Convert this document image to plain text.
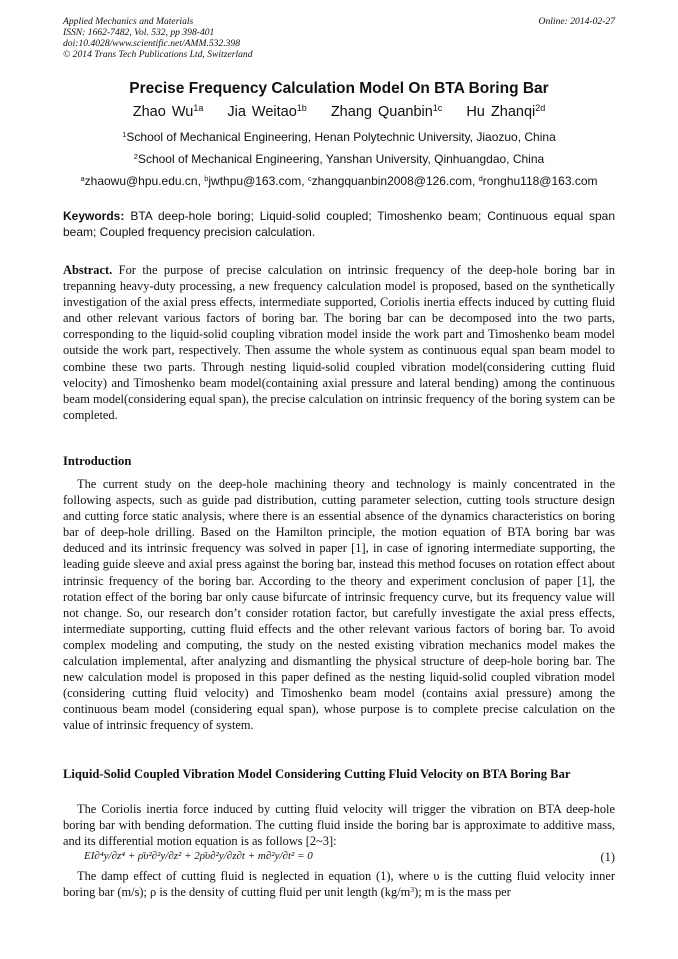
Applied Mechanics and Materials
ISSN: 1662-7482, Vol. 532, pp 398-401
doi:10.4028/www.scientific.net/AMM.532.398
© 2014 Trans Tech Publications Ltd, Switzerland
Online: 2014-02-27
Precise Frequency Calculation Model On BTA Boring Bar
Zhao $Wu^{1a}$ Jia Weitao$^{1b}$ Zhang Quanbin$^{1c}$ Hu Zhanqi$^{2d}$
$^1$School of Mechanical Engineering, Henan Polytechnic University, Jiaozuo, China
$^2$School of Mechanical Engineering, Yanshan University, Qinhuangdao, China
$^a$zhaowu@hpu.edu.cn, $^b$jwthpu@163.com, $^c$zhangquanbin2008@126.com, $^d$ronghu118@163.com
Keywords: BTA deep-hole boring; Liquid-solid coupled; Timoshenko beam; Continuous equal span beam; Coupled frequency precision calculation.
Abstract. For the purpose of precise calculation on intrinsic frequency of the deep-hole boring bar in trepanning heavy-duty processing, a new frequency calculation model is proposed, based on the synthetically investigation of the axial press effects, intermediate supported, Coriolis inertia effects induced by cutting fluid and other relevant various factors of boring bar. The boring bar can be decomposed into the two parts, corresponding to the liquid-solid coupling vibration model inside the work part and Timoshenko beam model outside the work part, respectively. Then assume the whole system as continuous equal span beam model to combine these two parts. Through nesting liquid-solid coupled vibration model(considering cutting fluid velocity) and Timoshenko beam model(containing axial pressure and lateral bending) among the continuous beam model(considering equal span), the precise calculation on intrinsic frequency of the boring system can be completed.
Introduction
The current study on the deep-hole machining theory and technology is mainly concentrated in the following aspects, such as guide pad distribution, cutting parameter selection, cutting tools structure design and cutting force static analysis, where there is an essential absence of the dynamics characteristics on boring bar of deep-hole drilling. Based on the Hamilton principle, the motion equation of BTA boring bar was deduced and its intrinsic frequency was solved in paper [1], in case of ignoring intermediate supporting, the leading guide sleeve and axial press against the boring bar, instead this method focuses on rotation effect about intrinsic frequency of the boring bar. According to the theory and experiment conclusion of paper [1], the rotation effect of the boring bar only cause bifurcate of intrinsic frequency curve, but its frequency value will not change. So, our research don’t consider rotation factor, but carefully investigate the axial press effects, intermediate supporting, cutting fluid effects and the other relevant various factors of boring bar. To avoid complex modeling and computing, the study on the nested existing vibration mechanics model makes the calculation implemental, after analyzing and dismantling the physical structure of deep-hole boring bar. The new calculation model is proposed in this paper defined as the nesting liquid-solid coupled vibration model (considering cutting fluid velocity) and Timoshenko beam model (contains axial pressure) among the continuous beam model (considering equal span), whose purpose is to complete precise calculation on the value of intrinsic frequency of system.
Liquid-Solid Coupled Vibration Model Considering Cutting Fluid Velocity on BTA Boring Bar
The Coriolis inertia force induced by cutting fluid velocity will trigger the vibration on BTA deep-hole boring bar with bending deformation. The cutting fluid inside the boring bar is approximate to additive mass, and its differential motion equation is as follows [2~3]:
EI∂⁴y/∂z⁴ + ρ̄υ²∂²y/∂z² + 2ρ̄υ∂²y/∂z∂t + m∂²y/∂t² = 0	(1)
The damp effect of cutting fluid is neglected in equation (1), where υ is the cutting fluid velocity inner boring bar (m/s); ρ is the density of cutting fluid per unit length $(kg/m^3)$; m is the mass per
